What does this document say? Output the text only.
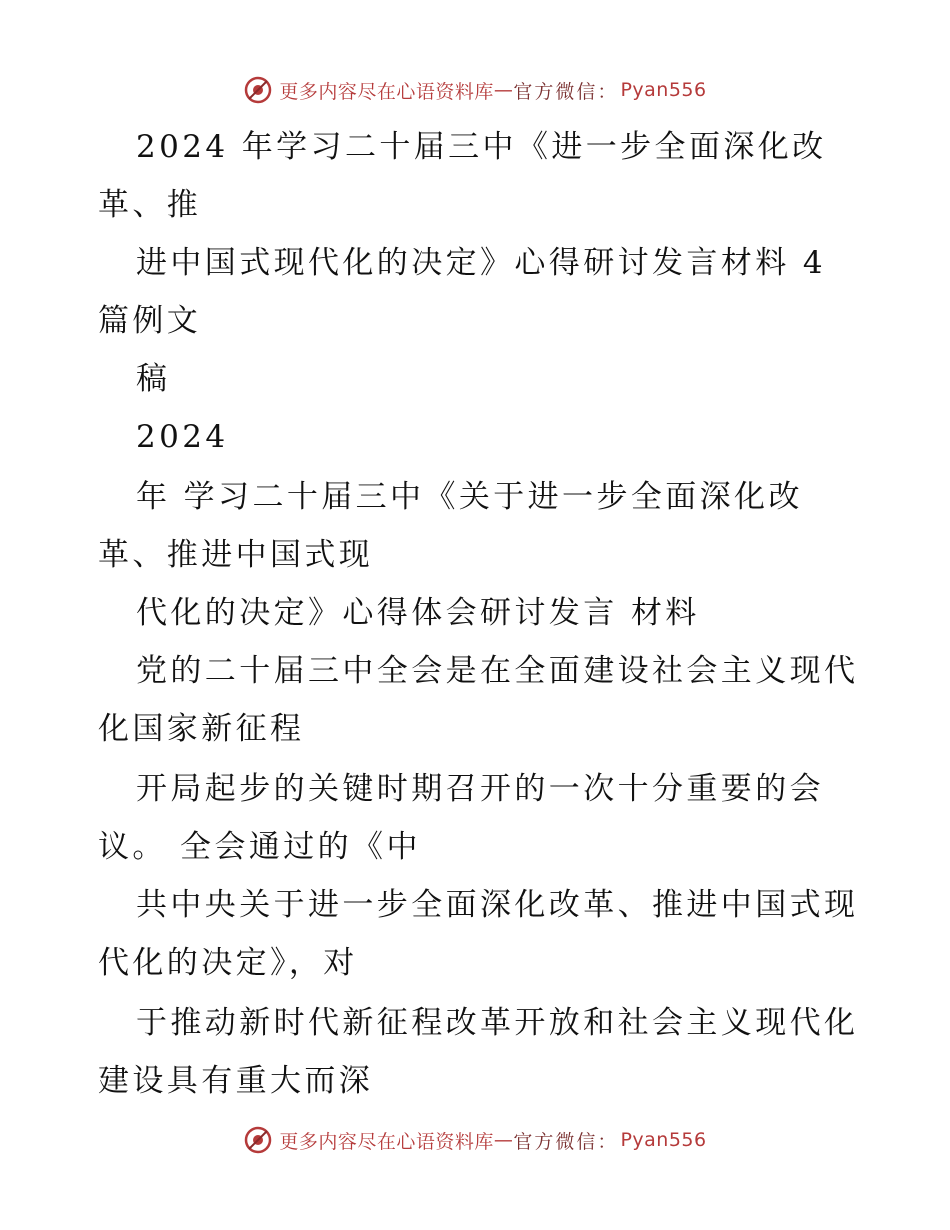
更多内容尽在心语资料库 — 官方微信： Pyan556
2024 年学习二十届三中《进一步全面深化改
革、推
进中国式现代化的决定》心得研讨发言材料 4
篇例文
稿
2024
年 学习二十届三中《关于进一步全面深化改
革、推进中国式现
代化的决定》心得体会研讨发言 材料
党的二十届三中全会是在全面建设社会主义现代
化国家新征程
开局起步的关键时期召开的一次十分重要的会
议。 全会通过的《中
共中央关于进一步全面深化改革、推进中国式现
代化的决定》，对
于推动新时代新征程改革开放和社会主义现代化
建设具有重大而深
更多内容尽在心语资料库 — 官方微信： Pyan556
